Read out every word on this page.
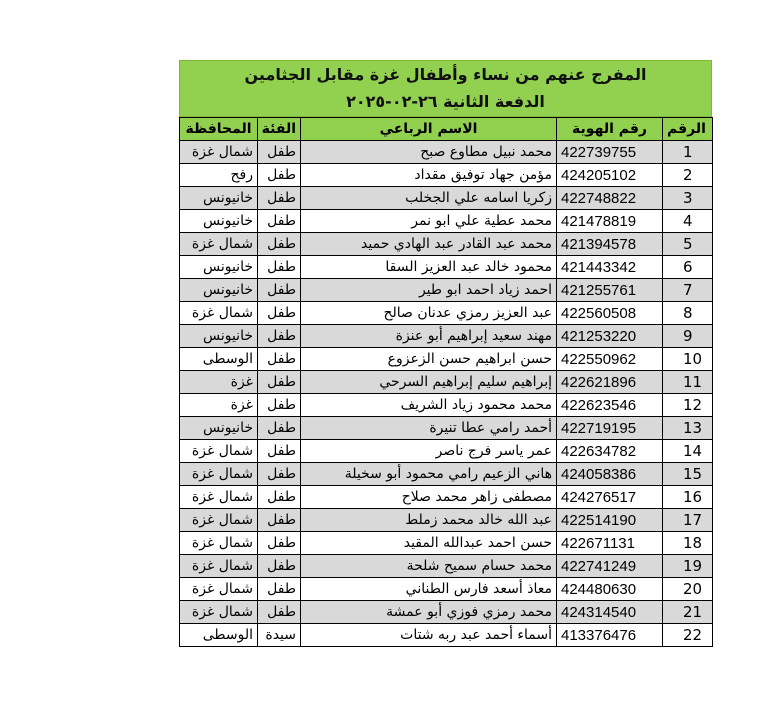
المفرج عنهم من نساء وأطفال غزة مقابل الجثامين
الدفعة الثانية ٢٦-٠٢-٢٠٢٥
المحافظة	الفئة	الاسم الرباعي	رقم الهوية	الرقم
شمال غزة	طفل	محمد نبيل مطاوع صبح	422739755	1
رفح	طفل	مؤمن جهاد توفيق مقداد	424205102	2
خانيونس	طفل	زكريا اسامه علي الجخلب	422748822	3
خانيونس	طفل	محمد عطية علي ابو نمر	421478819	4
شمال غزة	طفل	محمد عبد القادر عبد الهادي حميد	421394578	5
خانيونس	طفل	محمود خالد عبد العزيز السقا	421443342	6
خانيونس	طفل	احمد زياد احمد ابو طير	421255761	7
شمال غزة	طفل	عبد العزيز رمزي عدنان صالح	422560508	8
خانيونس	طفل	مهند سعيد إبراهيم أبو عنزة	421253220	9
الوسطى	طفل	حسن ابراهيم حسن الزعزوع	422550962	10
غزة	طفل	إبراهيم سليم إبراهيم السرحي	422621896	11
غزة	طفل	محمد محمود زياد الشريف	422623546	12
خانيونس	طفل	أحمد رامي عطا تنيرة	422719195	13
شمال غزة	طفل	عمر ياسر فرج ناصر	422634782	14
شمال غزة	طفل	هاني الزعيم رامي محمود أبو سخيلة	424058386	15
شمال غزة	طفل	مصطفى زاهر محمد صلاح	424276517	16
شمال غزة	طفل	عبد الله خالد محمد زملط	422514190	17
شمال غزة	طفل	حسن احمد عبدالله المقيد	422671131	18
شمال غزة	طفل	محمد حسام سميح شلحة	422741249	19
شمال غزة	طفل	معاذ أسعد فارس الطناني	424480630	20
شمال غزة	طفل	محمد رمزي فوزي أبو عمشة	424314540	21
الوسطى	سيدة	أسماء أحمد عبد ربه شتات	413376476	22
